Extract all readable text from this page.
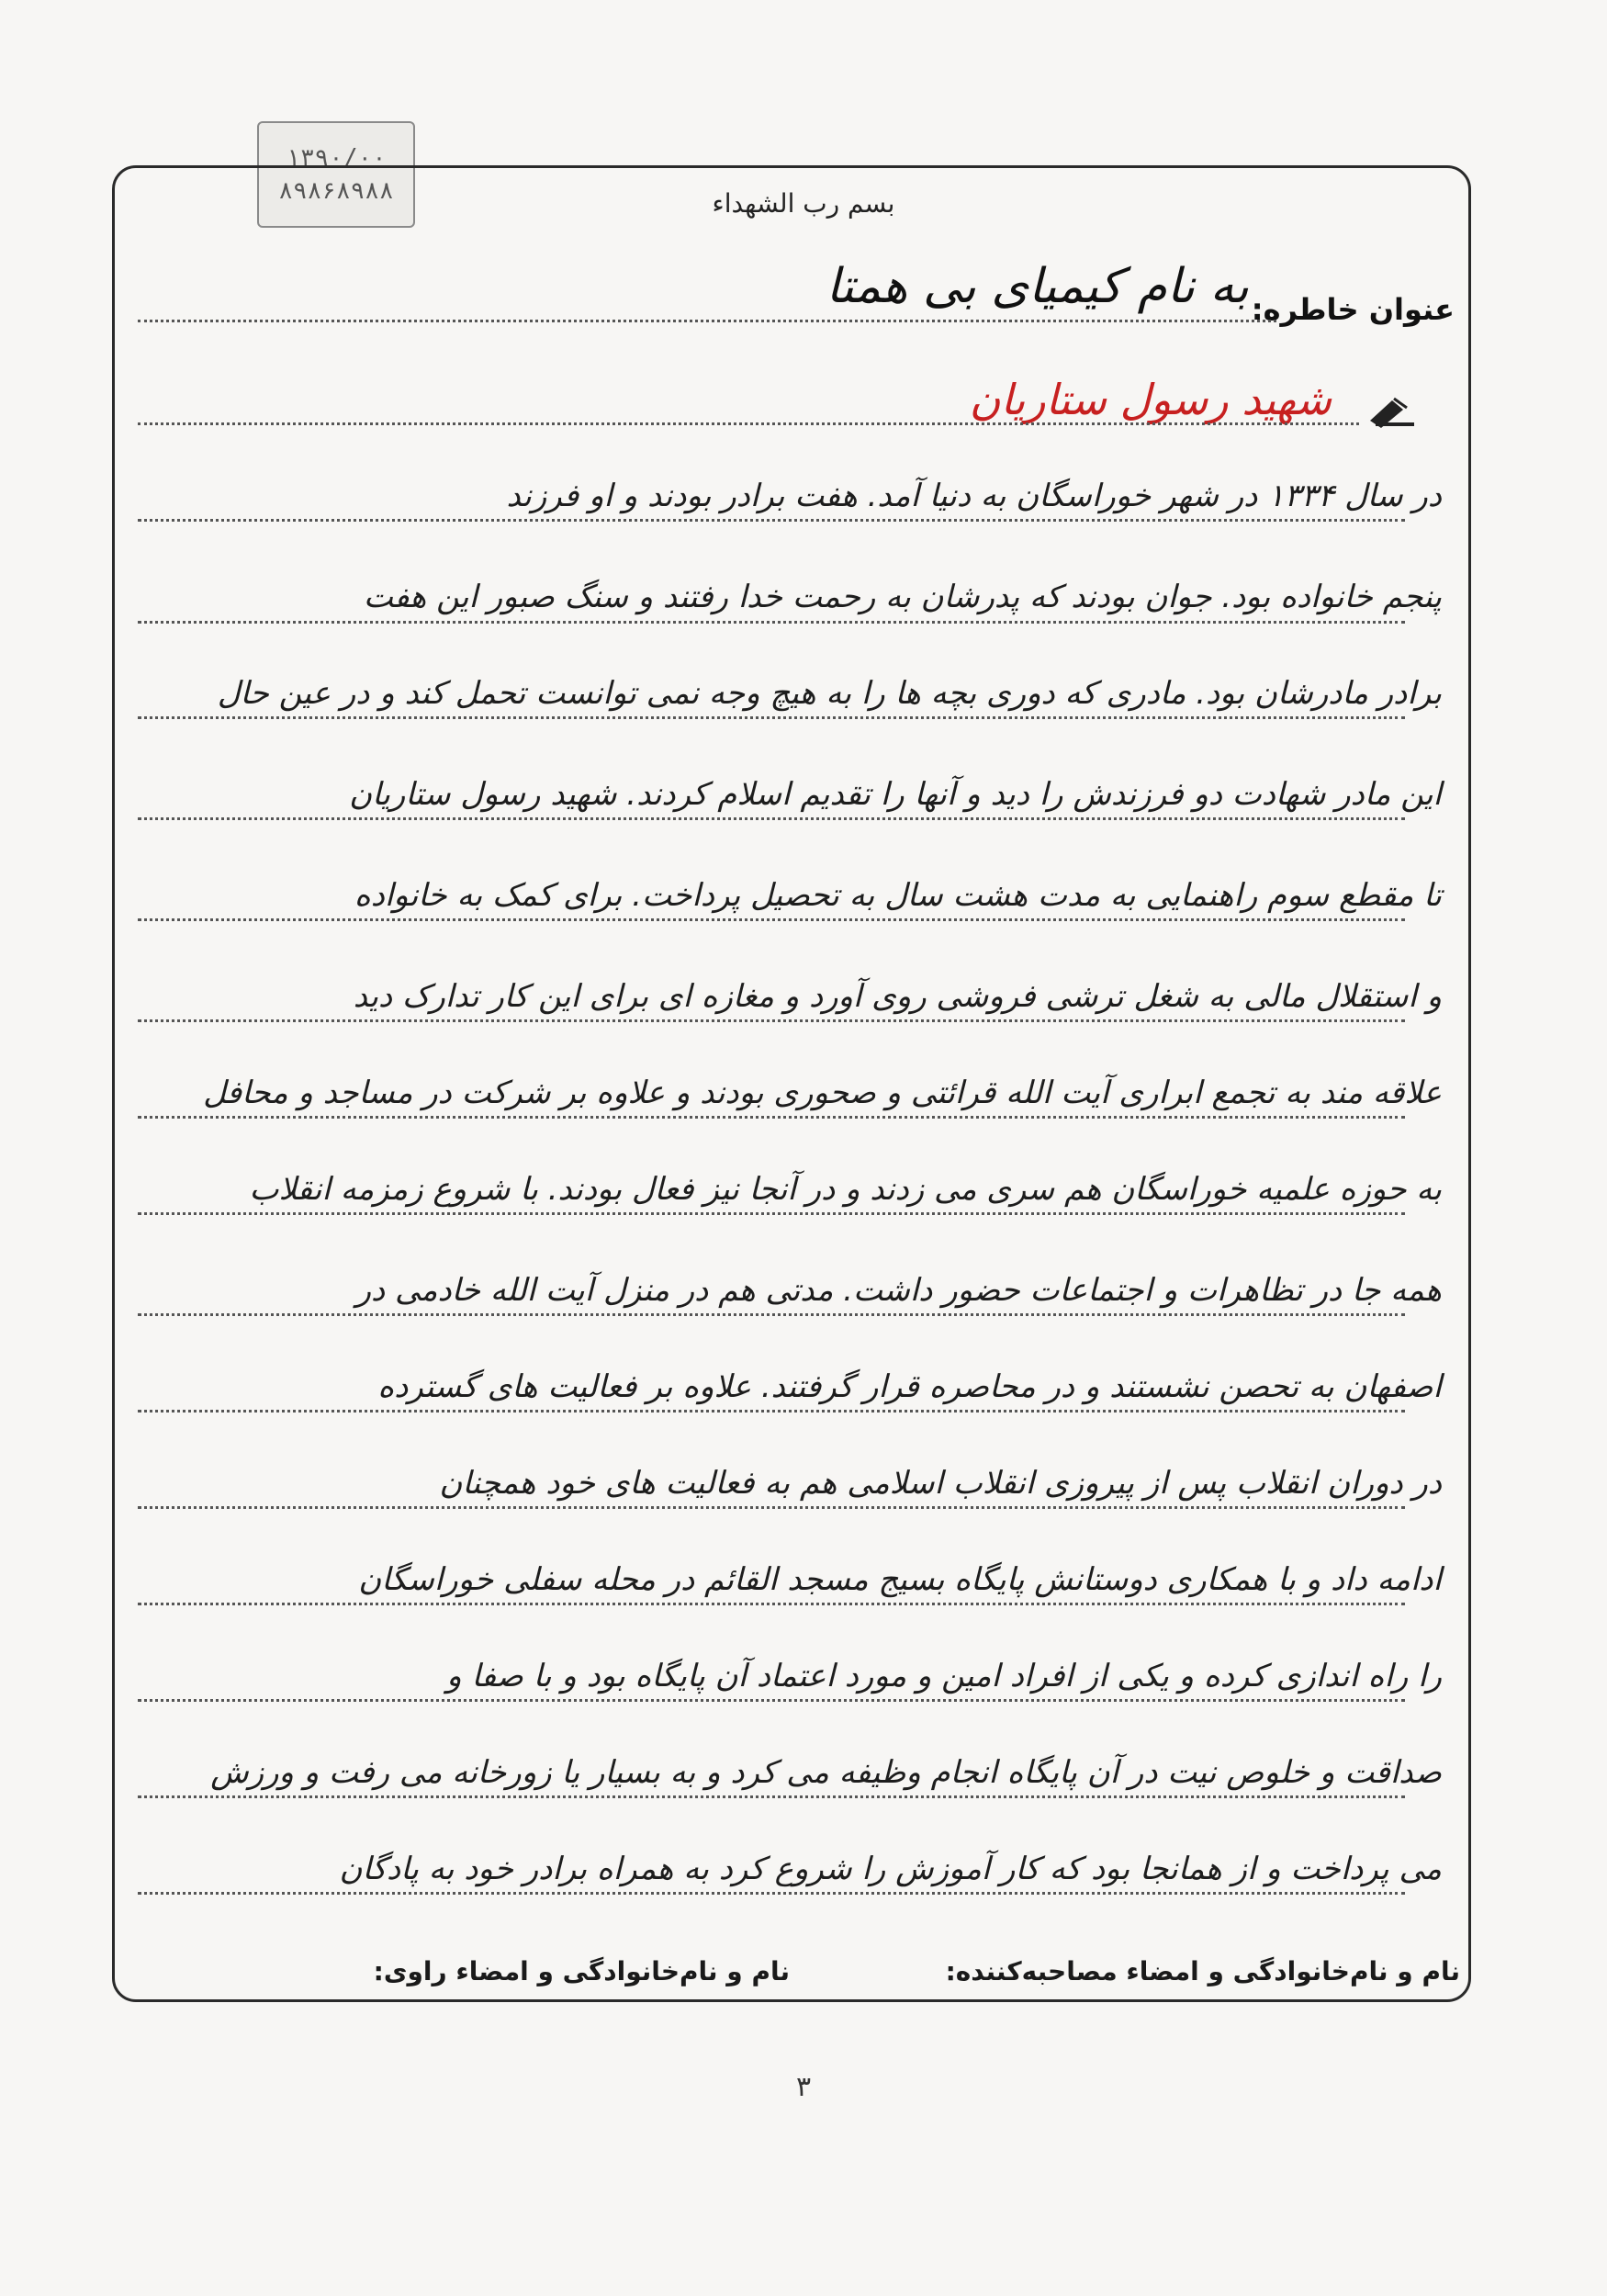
۱۳۹۰/۰۰
۸۹۸۶۸۹۸۸	بسم رب الشهداء
عنوان خاطره:
به نام کیمیای بی همتا
شهید رسول ستاریان
در سال ۱۳۳۴ در شهر خوراسگان به دنیا آمد. هفت برادر بودند و او فرزند
پنجم خانواده بود. جوان بودند که پدرشان به رحمت خدا رفتند و سنگ صبور این هفت
برادر مادرشان بود. مادری که دوری بچه ها را به هیچ وجه نمی توانست تحمل کند و در عین حال
این مادر شهادت دو فرزندش را دید و آنها را تقدیم اسلام کردند. شهید رسول ستاریان
تا مقطع سوم راهنمایی به مدت هشت سال به تحصیل پرداخت. برای کمک به خانواده
و استقلال مالی به شغل ترشی فروشی روی آورد و مغازه ای برای این کار تدارک دید
علاقه مند به تجمع ابراری آیت الله قرائتی و صحوری بودند و علاوه بر شرکت در مساجد و محافل
به حوزه علمیه خوراسگان هم سری می زدند و در آنجا نیز فعال بودند. با شروع زمزمه انقلاب
همه جا در تظاهرات و اجتماعات حضور داشت. مدتی هم در منزل آیت الله خادمی در
اصفهان به تحصن نشستند و در محاصره قرار گرفتند. علاوه بر فعالیت های گسترده
در دوران انقلاب پس از پیروزی انقلاب اسلامی هم به فعالیت های خود همچنان
ادامه داد و با همکاری دوستانش پایگاه بسیج مسجد القائم در محله سفلی خوراسگان
را راه اندازی کرده و یکی از افراد امین و مورد اعتماد آن پایگاه بود و با صفا و
صداقت و خلوص نیت در آن پایگاه انجام وظیفه می کرد و به بسیار یا زورخانه می رفت و ورزش
می پرداخت و از همانجا بود که کار آموزش را شروع کرد به همراه برادر خود به پادگان
نام و نام‌خانوادگی و امضاء مصاحبه‌کننده:
نام و نام‌خانوادگی و امضاء راوی:
۳
